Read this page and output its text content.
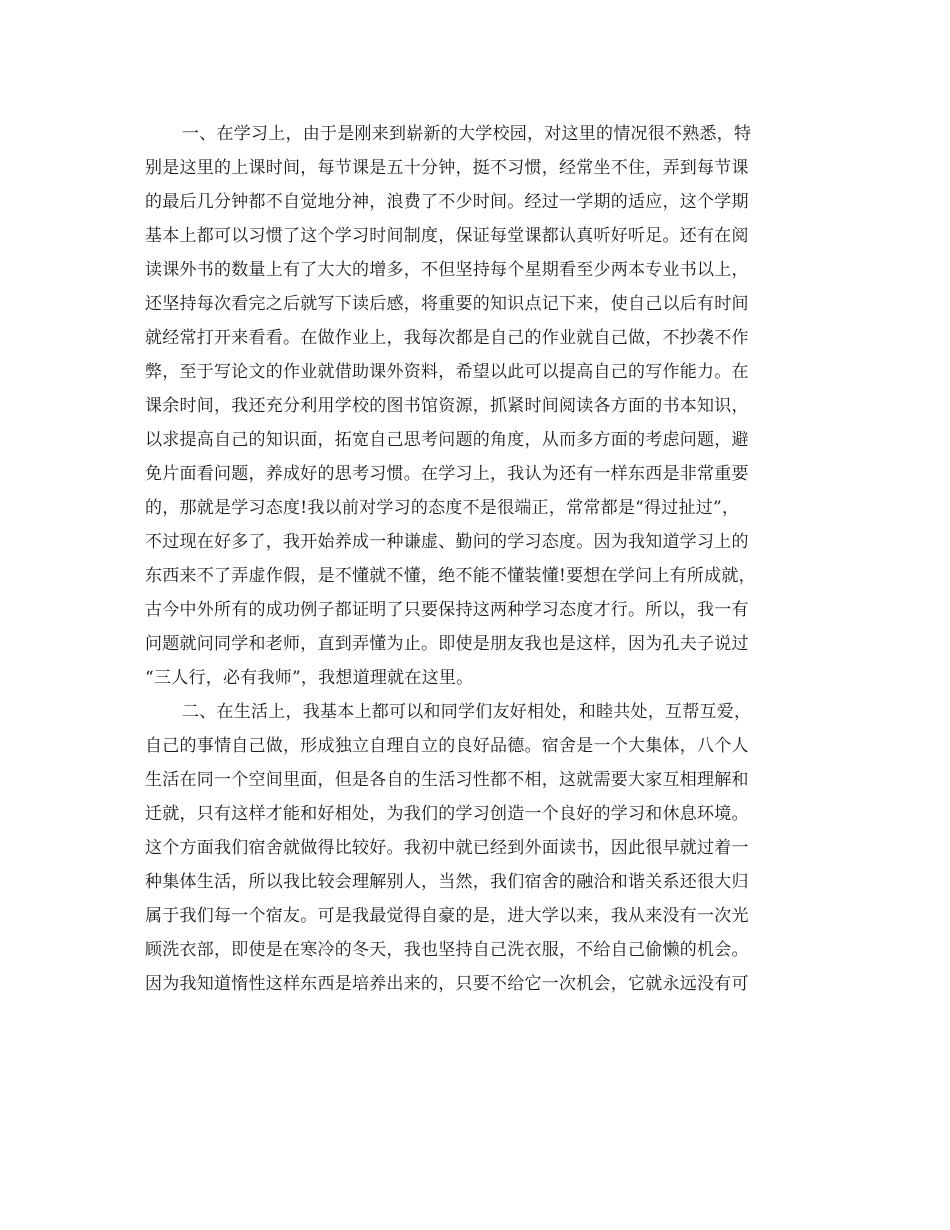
一、在学习上，由于是刚来到崭新的大学校园，对这里的情况很不熟悉，特
别是这里的上课时间，每节课是五十分钟，挺不习惯，经常坐不住，弄到每节课
的最后几分钟都不自觉地分神，浪费了不少时间。经过一学期的适应，这个学期
基本上都可以习惯了这个学习时间制度，保证每堂课都认真听好听足。还有在阅
读课外书的数量上有了大大的增多，不但坚持每个星期看至少两本专业书以上，
还坚持每次看完之后就写下读后感，将重要的知识点记下来，使自己以后有时间
就经常打开来看看。在做作业上，我每次都是自己的作业就自己做，不抄袭不作
弊，至于写论文的作业就借助课外资料，希望以此可以提高自己的写作能力。在
课余时间，我还充分利用学校的图书馆资源，抓紧时间阅读各方面的书本知识，
以求提高自己的知识面，拓宽自己思考问题的角度，从而多方面的考虑问题，避
免片面看问题，养成好的思考习惯。在学习上，我认为还有一样东西是非常重要
的，那就是学习态度!我以前对学习的态度不是很端正，常常都是“得过扯过”，
不过现在好多了，我开始养成一种谦虚、勤问的学习态度。因为我知道学习上的
东西来不了弄虚作假，是不懂就不懂，绝不能不懂装懂!要想在学问上有所成就，
古今中外所有的成功例子都证明了只要保持这两种学习态度才行。所以，我一有
问题就问同学和老师，直到弄懂为止。即使是朋友我也是这样，因为孔夫子说过
“三人行，必有我师”，我想道理就在这里。
二、在生活上，我基本上都可以和同学们友好相处，和睦共处，互帮互爱，
自己的事情自己做，形成独立自理自立的良好品德。宿舍是一个大集体，八个人
生活在同一个空间里面，但是各自的生活习性都不相，这就需要大家互相理解和
迁就，只有这样才能和好相处，为我们的学习创造一个良好的学习和休息环境。
这个方面我们宿舍就做得比较好。我初中就已经到外面读书，因此很早就过着一
种集体生活，所以我比较会理解别人，当然，我们宿舍的融洽和谐关系还很大归
属于我们每一个宿友。可是我最觉得自豪的是，进大学以来，我从来没有一次光
顾洗衣部，即使是在寒冷的冬天，我也坚持自己洗衣服，不给自己偷懒的机会。
因为我知道惰性这样东西是培养出来的，只要不给它一次机会，它就永远没有可
